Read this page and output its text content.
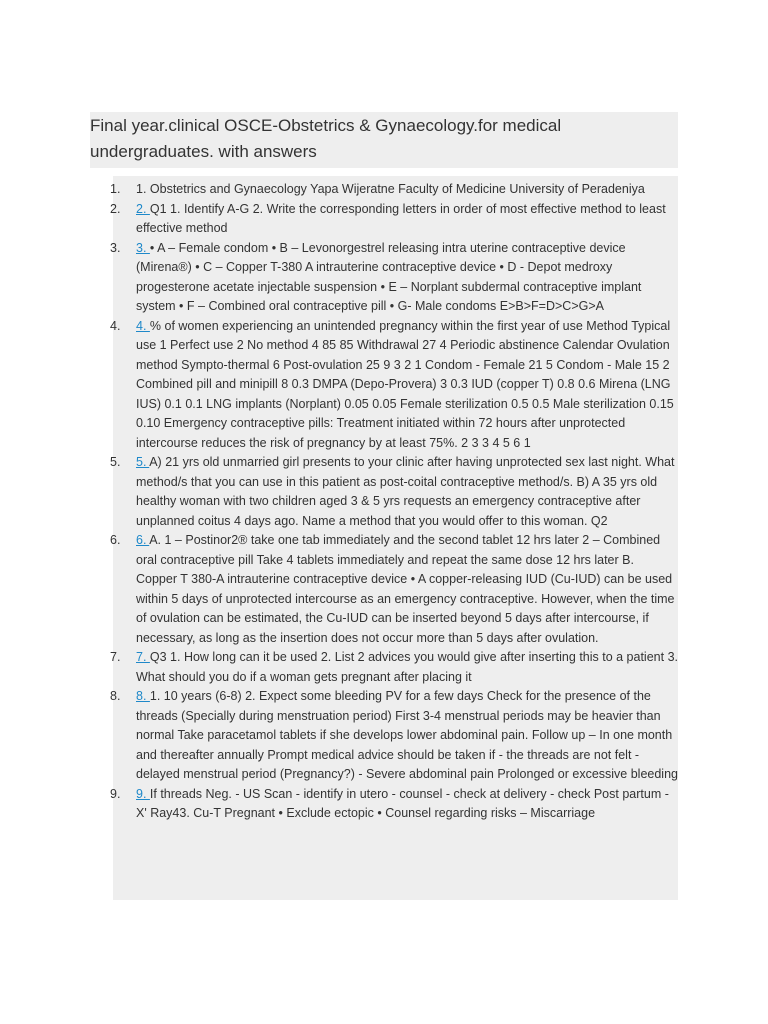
Final year.clinical OSCE-Obstetrics & Gynaecology.for medical undergraduates. with answers
1.	1. Obstetrics and Gynaecology Yapa Wijeratne Faculty of Medicine University of Peradeniya
2.	2. Q1 1. Identify A-G 2. Write the corresponding letters in order of most effective method to least effective method
3.	3. • A – Female condom • B – Levonorgestrel releasing intra uterine contraceptive device (Mirena®) • C – Copper T-380 A intrauterine contraceptive device • D - Depot medroxy progesterone acetate injectable suspension • E – Norplant subdermal contraceptive implant system • F – Combined oral contraceptive pill • G- Male condoms E>B>F=D>C>G>A
4.	4. % of women experiencing an unintended pregnancy within the first year of use Method Typical use 1 Perfect use 2 No method 4 85 85 Withdrawal 27 4 Periodic abstinence Calendar Ovulation method Sympto-thermal 6 Post-ovulation 25 9 3 2 1 Condom - Female 21 5 Condom - Male 15 2 Combined pill and minipill 8 0.3 DMPA (Depo-Provera) 3 0.3 IUD (copper T) 0.8 0.6 Mirena (LNG IUS) 0.1 0.1 LNG implants (Norplant) 0.05 0.05 Female sterilization 0.5 0.5 Male sterilization 0.15 0.10 Emergency contraceptive pills: Treatment initiated within 72 hours after unprotected intercourse reduces the risk of pregnancy by at least 75%. 2 3 3 4 5 6 1
5.	5. A) 21 yrs old unmarried girl presents to your clinic after having unprotected sex last night. What method/s that you can use in this patient as post-coital contraceptive method/s. B) A 35 yrs old healthy woman with two children aged 3 & 5 yrs requests an emergency contraceptive after unplanned coitus 4 days ago. Name a method that you would offer to this woman. Q2
6.	6. A. 1 – Postinor2® take one tab immediately and the second tablet 12 hrs later 2 – Combined oral contraceptive pill Take 4 tablets immediately and repeat the same dose 12 hrs later B. Copper T 380-A intrauterine contraceptive device • A copper-releasing IUD (Cu-IUD) can be used within 5 days of unprotected intercourse as an emergency contraceptive. However, when the time of ovulation can be estimated, the Cu-IUD can be inserted beyond 5 days after intercourse, if necessary, as long as the insertion does not occur more than 5 days after ovulation.
7.	7. Q3 1. How long can it be used 2. List 2 advices you would give after inserting this to a patient 3. What should you do if a woman gets pregnant after placing it
8.	8. 1. 10 years (6-8) 2. Expect some bleeding PV for a few days Check for the presence of the threads (Specially during menstruation period) First 3-4 menstrual periods may be heavier than normal Take paracetamol tablets if she develops lower abdominal pain. Follow up – In one month and thereafter annually Prompt medical advice should be taken if - the threads are not felt - delayed menstrual period (Pregnancy?) - Severe abdominal pain Prolonged or excessive bleeding
9.	9. If threads Neg. - US Scan - identify in utero - counsel - check at delivery - check Post partum - X' Ray43. Cu-T Pregnant • Exclude ectopic • Counsel regarding risks – Miscarriage
